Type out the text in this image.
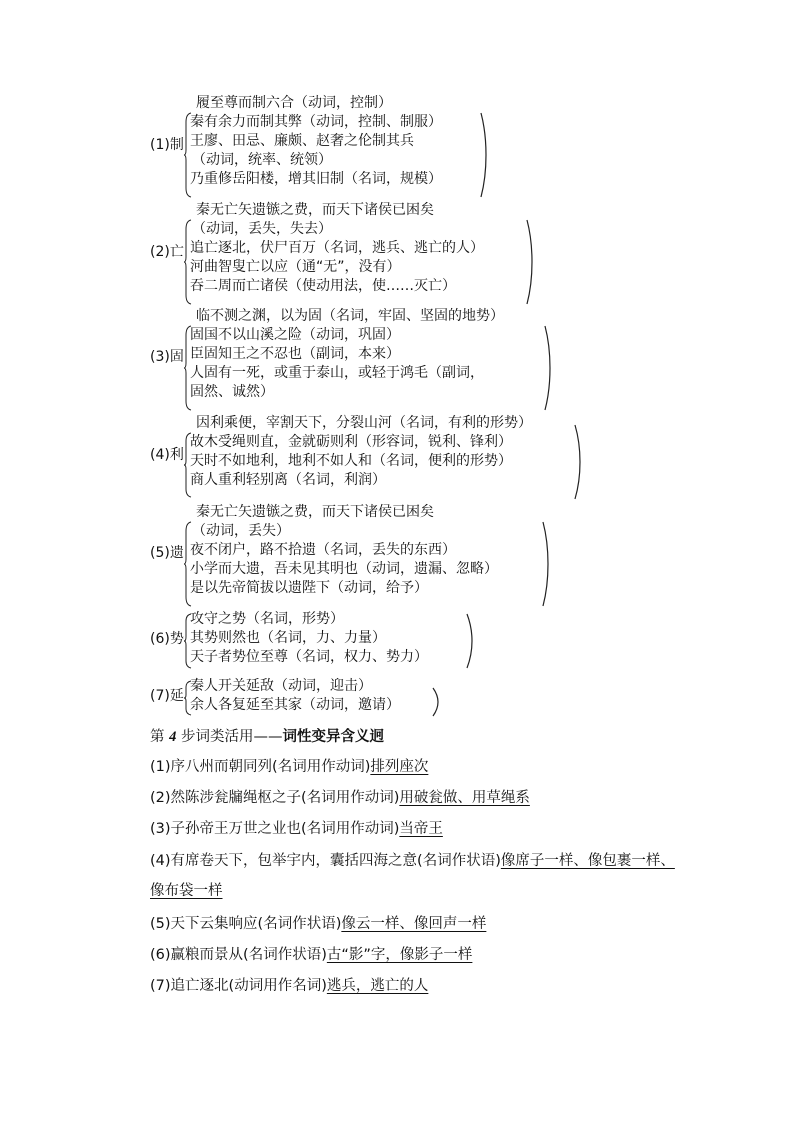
(1)制
履至尊而制六合（动词，控制）
秦有余力而制其弊（动词，控制、制服）
王廖、田忌、廉颇、赵奢之伦制其兵
（动词，统率、统领）
乃重修岳阳楼，增其旧制（名词，规模）
(2)亡
秦无亡矢遗镞之费，而天下诸侯已困矣
（动词，丢失，失去）
追亡逐北，伏尸百万（名词，逃兵、逃亡的人）
河曲智叟亡以应（通“无”，没有）
吞二周而亡诸侯（使动用法，使……灭亡）
(3)固
临不测之渊，以为固（名词，牢固、坚固的地势）
固国不以山溪之险（动词，巩固）
臣固知王之不忍也（副词，本来）
人固有一死，或重于泰山，或轻于鸿毛（副词，
固然、诚然）
(4)利
因利乘便，宰割天下，分裂山河（名词，有利的形势）
故木受绳则直，金就砺则利（形容词，锐利、锋利）
天时不如地利，地利不如人和（名词，便利的形势）
商人重利轻别离（名词，利润）
(5)遗
秦无亡矢遗镞之费，而天下诸侯已困矣
（动词，丢失）
夜不闭户，路不拾遗（名词，丢失的东西）
小学而大遗，吾未见其明也（动词，遗漏、忽略）
是以先帝简拔以遗陛下（动词，给予）
(6)势
攻守之势（名词，形势）
其势则然也（名词，力、力量）
天子者势位至尊（名词，权力、势力）
(7)延
秦人开关延敌（动词，迎击）
余人各复延至其家（动词，邀请）
第 4 步词类活用——词性变异含义迥
(1)序八州而朝同列(名词用作动词)排列座次
(2)然陈涉瓮牖绳枢之子(名词用作动词)用破瓮做、用草绳系
(3)子孙帝王万世之业也(名词用作动词)当帝王
(4)有席卷天下，包举宇内，囊括四海之意(名词作状语)像席子一样、像包裹一样、像布袋一样
(5)天下云集响应(名词作状语)像云一样、像回声一样
(6)赢粮而景从(名词作状语)古“影”字，像影子一样
(7)追亡逐北(动词用作名词)逃兵，逃亡的人
